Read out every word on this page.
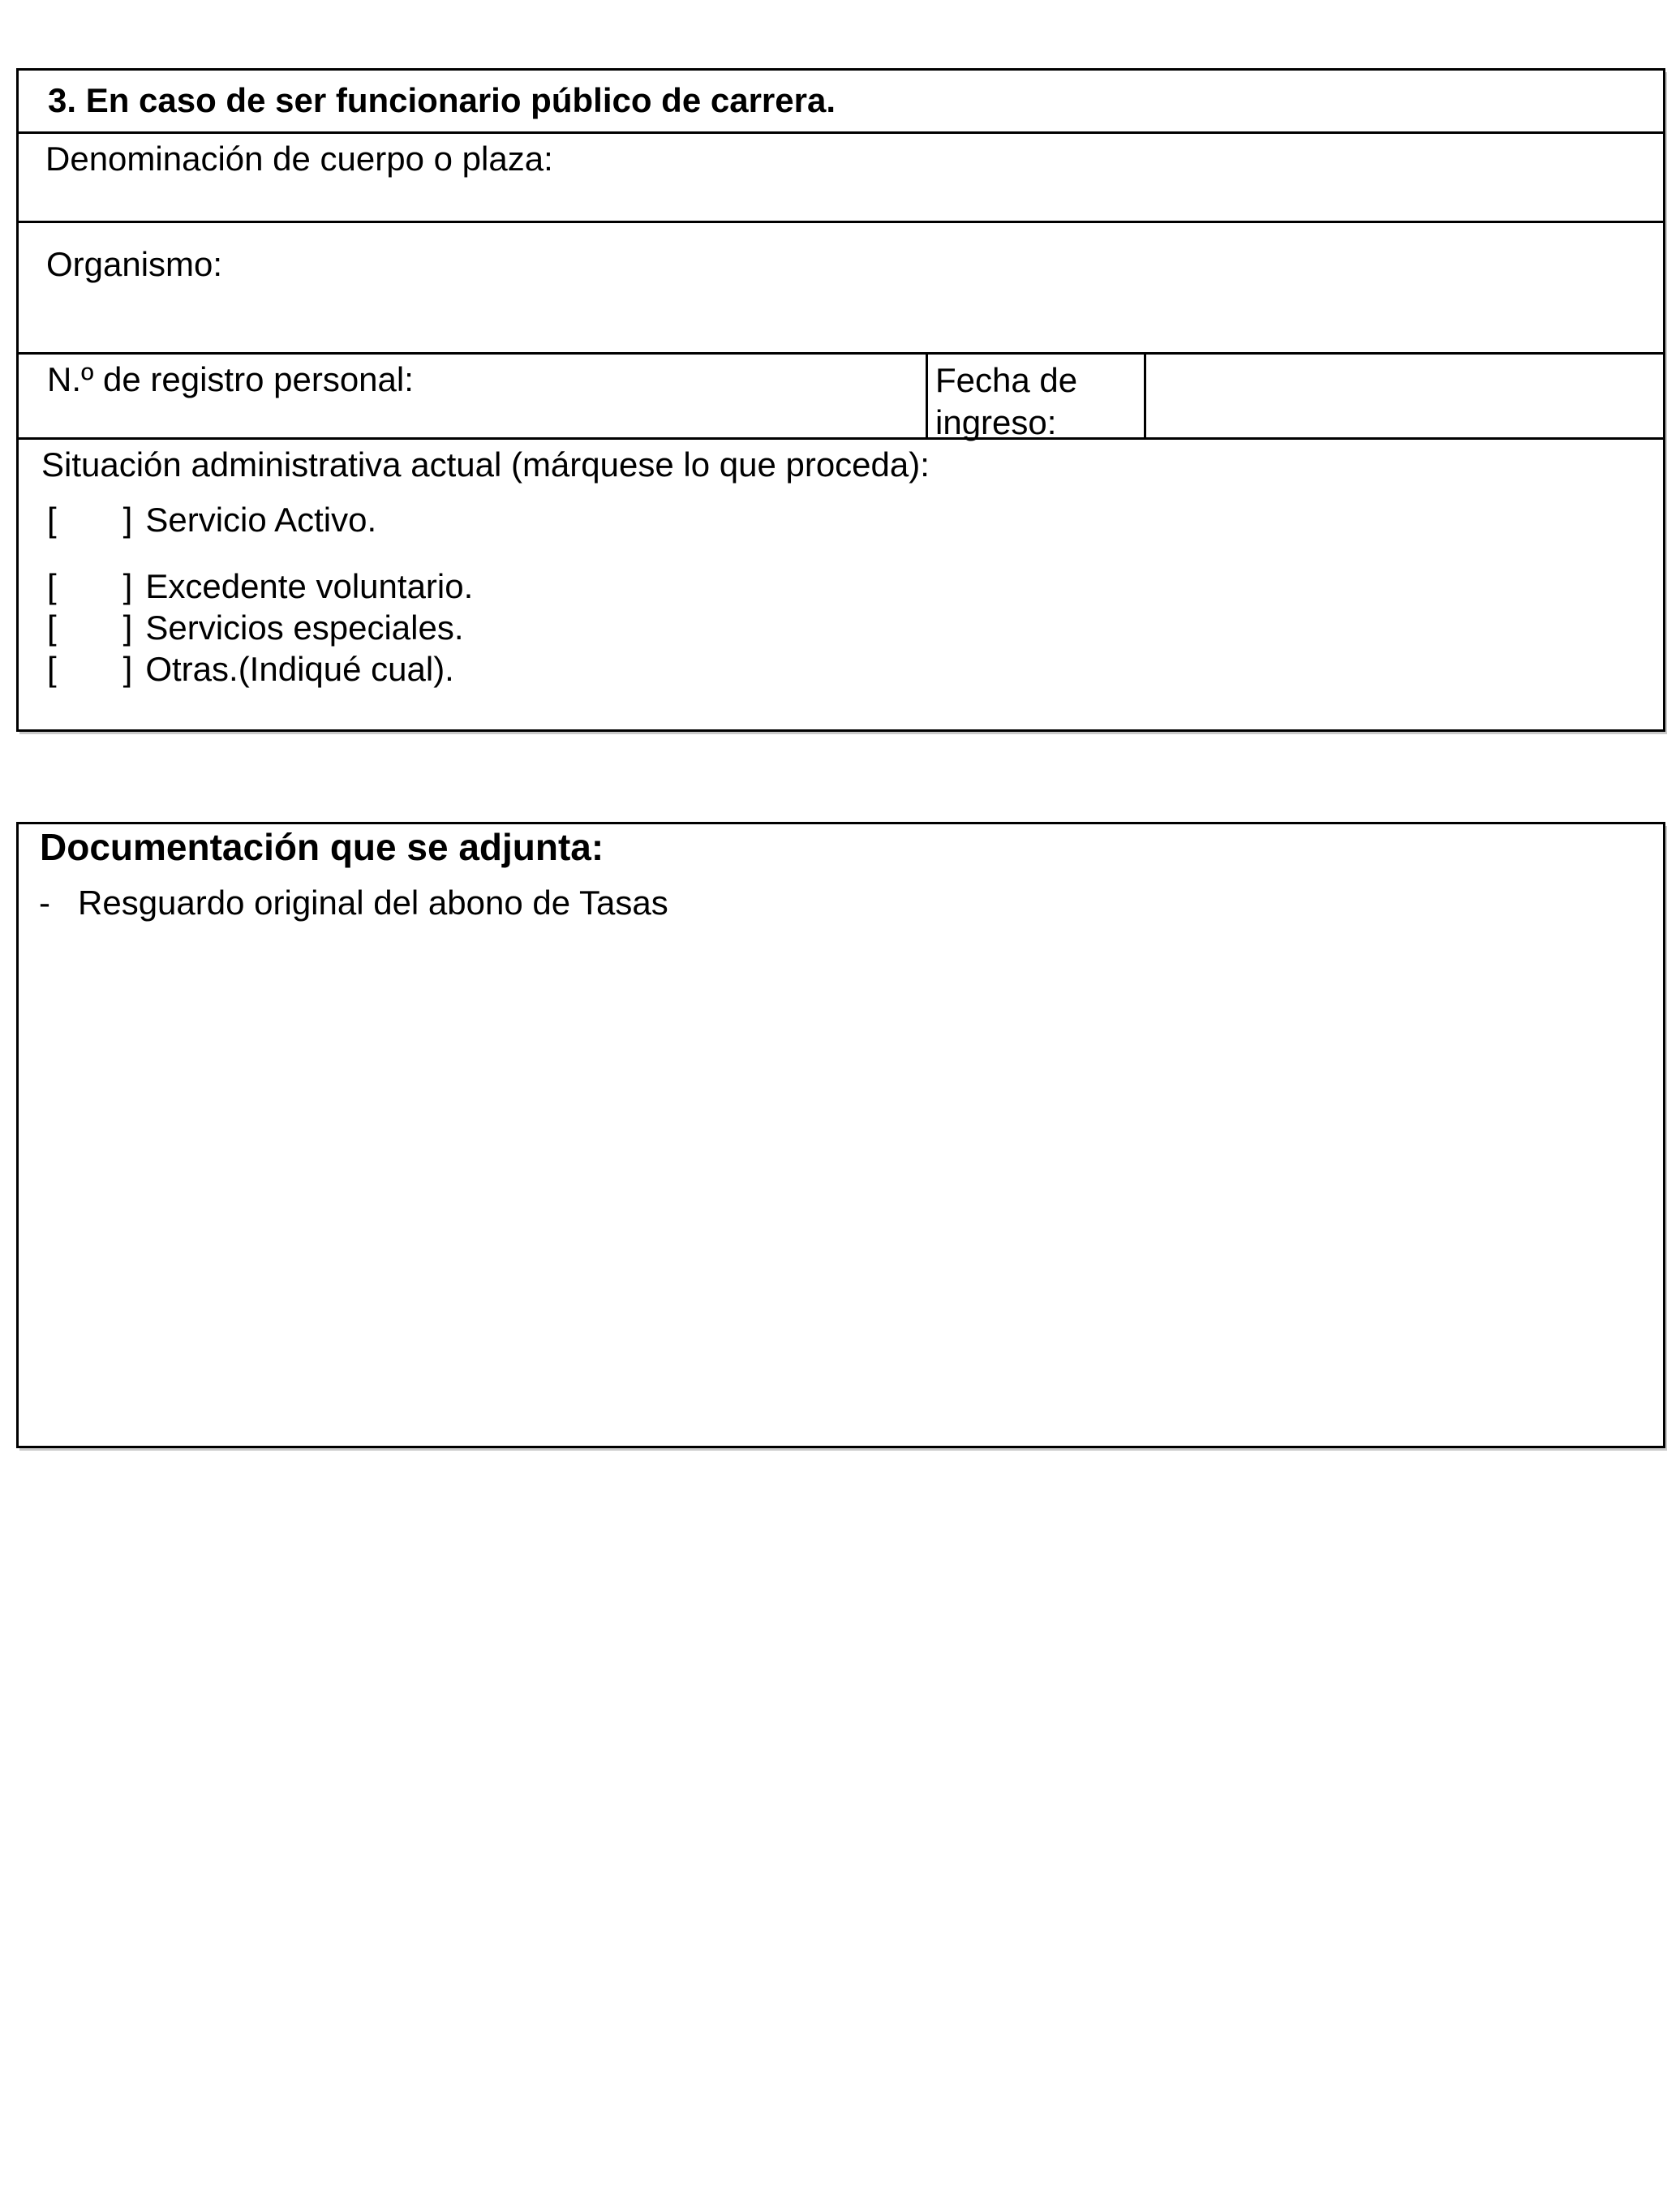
3. En caso de ser funcionario público de carrera.
Denominación de cuerpo o plaza:
Organismo:
N.º de registro personal:	Fecha de ingreso:
Situación administrativa actual (márquese lo que proceda):
[ ] Servicio Activo.
[ ] Excedente voluntario.
[ ] Servicios especiales.
[ ] Otras.(Indiqué cual).
Documentación que se adjunta:
- Resguardo original del abono de Tasas
